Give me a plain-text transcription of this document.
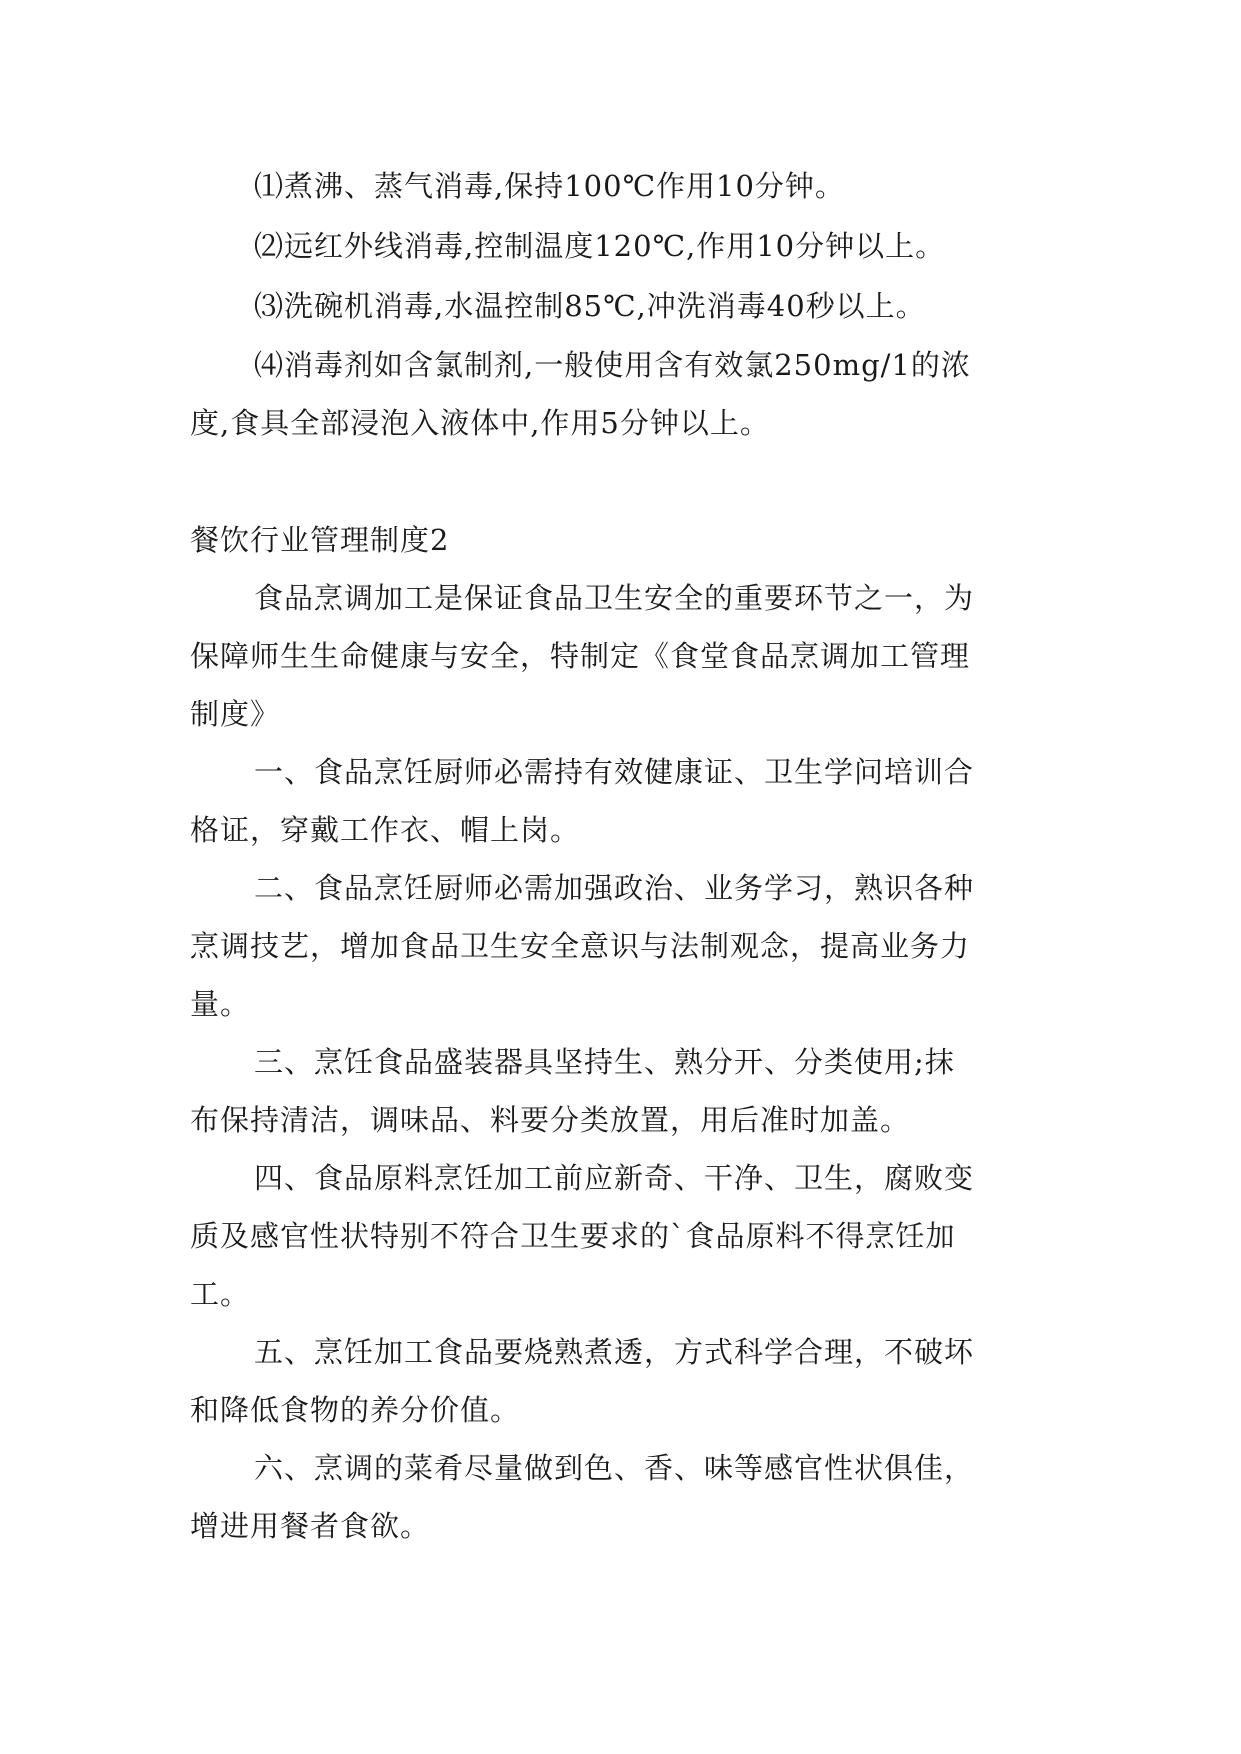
⑴煮沸、蒸气消毒,保持100℃作用10分钟。
⑵远红外线消毒,控制温度120℃,作用10分钟以上。
⑶洗碗机消毒,水温控制85℃,冲洗消毒40秒以上。
⑷消毒剂如含氯制剂,一般使用含有效氯250mg/1的浓
度,食具全部浸泡入液体中,作用5分钟以上。
餐饮行业管理制度2
食品烹调加工是保证食品卫生安全的重要环节之一，为
保障师生生命健康与安全，特制定《食堂食品烹调加工管理
制度》
一、食品烹饪厨师必需持有效健康证、卫生学问培训合
格证，穿戴工作衣、帽上岗。
二、食品烹饪厨师必需加强政治、业务学习，熟识各种
烹调技艺，增加食品卫生安全意识与法制观念，提高业务力
量。
三、烹饪食品盛装器具坚持生、熟分开、分类使用;抹
布保持清洁，调味品、料要分类放置，用后准时加盖。
四、食品原料烹饪加工前应新奇、干净、卫生，腐败变
质及感官性状特别不符合卫生要求的`食品原料不得烹饪加
工。
五、烹饪加工食品要烧熟煮透，方式科学合理，不破坏
和降低食物的养分价值。
六、烹调的菜肴尽量做到色、香、味等感官性状俱佳，
增进用餐者食欲。
